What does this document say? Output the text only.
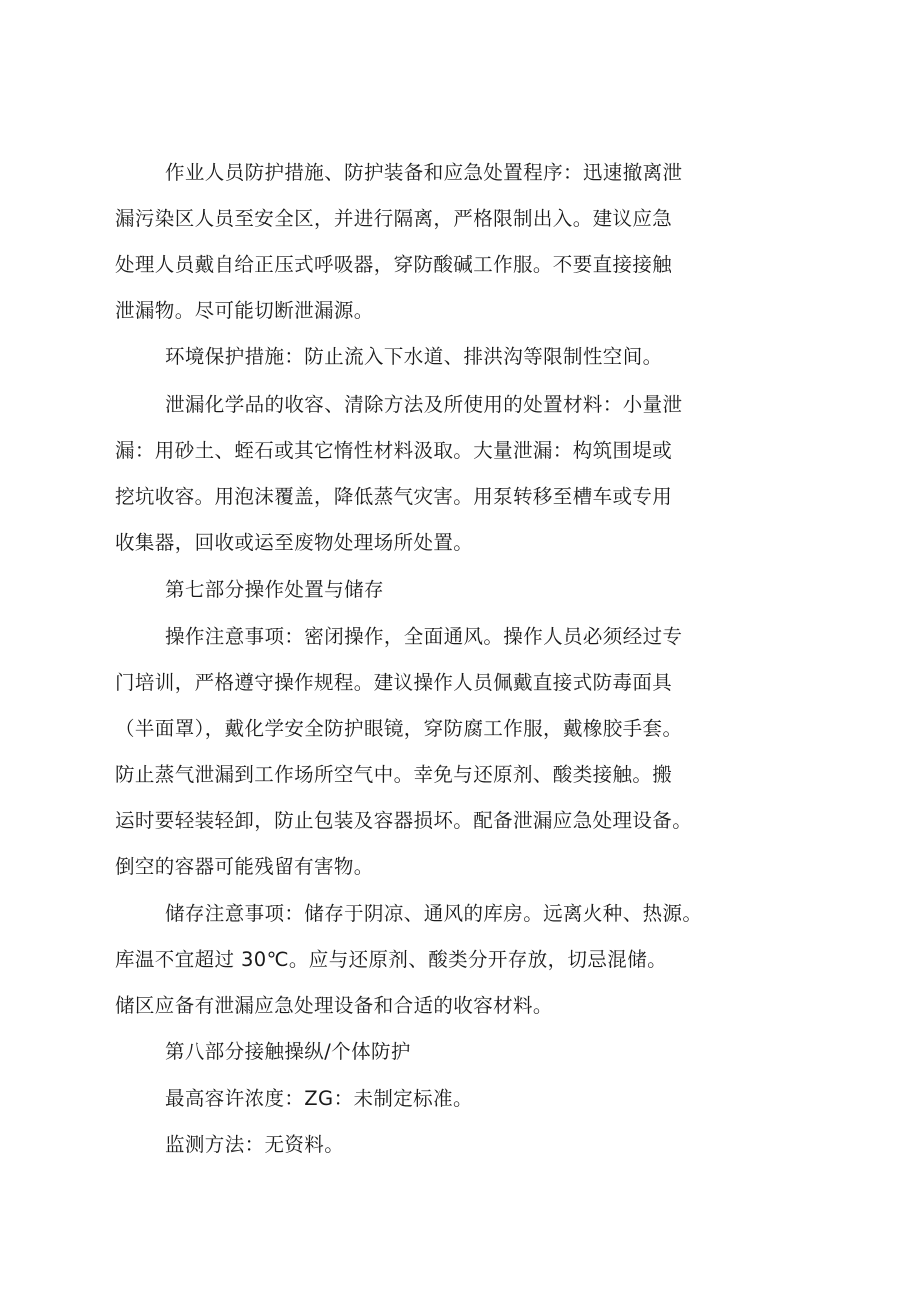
作业人员防护措施、防护装备和应急处置程序：迅速撤离泄
漏污染区人员至安全区，并进行隔离，严格限制出入。建议应急
处理人员戴自给正压式呼吸器，穿防酸碱工作服。不要直接接触
泄漏物。尽可能切断泄漏源。
环境保护措施：防止流入下水道、排洪沟等限制性空间。
泄漏化学品的收容、清除方法及所使用的处置材料：小量泄
漏：用砂土、蛭石或其它惰性材料汲取。大量泄漏：构筑围堤或
挖坑收容。用泡沫覆盖，降低蒸气灾害。用泵转移至槽车或专用
收集器，回收或运至废物处理场所处置。
第七部分操作处置与储存
操作注意事项：密闭操作，全面通风。操作人员必须经过专
门培训，严格遵守操作规程。建议操作人员佩戴直接式防毒面具
（半面罩），戴化学安全防护眼镜，穿防腐工作服，戴橡胶手套。
防止蒸气泄漏到工作场所空气中。幸免与还原剂、酸类接触。搬
运时要轻装轻卸，防止包装及容器损坏。配备泄漏应急处理设备。
倒空的容器可能残留有害物。
储存注意事项：储存于阴凉、通风的库房。远离火种、热源。
库温不宜超过 30℃。应与还原剂、酸类分开存放，切忌混储。
储区应备有泄漏应急处理设备和合适的收容材料。
第八部分接触操纵/个体防护
最高容许浓度：ZG：未制定标准。
监测方法：无资料。
